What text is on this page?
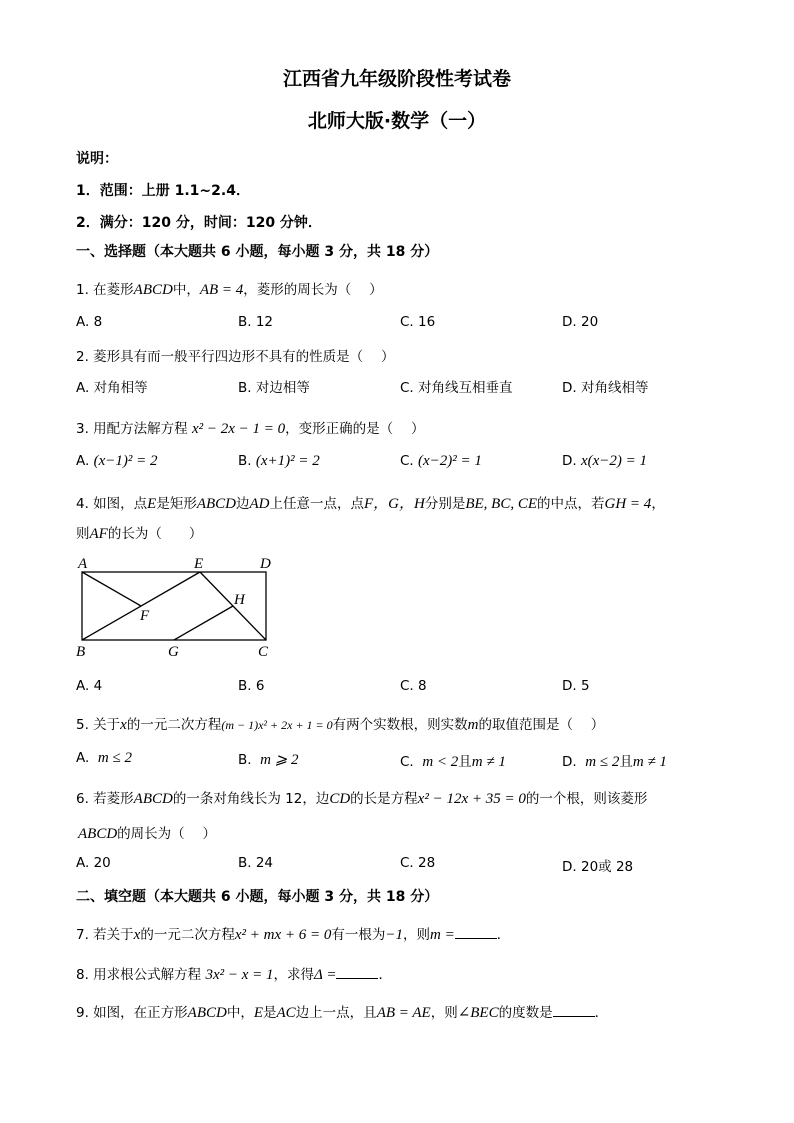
江西省九年级阶段性考试卷
北师大版·数学（一）
说明：
1．范围：上册 1.1~2.4．
2．满分：120 分，时间：120 分钟．
一、选择题（本大题共 6 小题，每小题 3 分，共 18 分）
1. 在菱形ABCD中，AB = 4，菱形的周长为（　 ）
A. 8	B. 12	C. 16	D. 20
2. 菱形具有而一般平行四边形不具有的性质是（　 ）
A. 对角相等	B. 对边相等	C. 对角线互相垂直	D. 对角线相等
3. 用配方法解方程 x² − 2x − 1 = 0，变形正确的是（　 ）
A. (x−1)² = 2	B. (x+1)² = 2	C. (x−2)² = 1	D. x(x−2) = 1
4. 如图，点E是矩形ABCD边AD上任意一点，点F，G，H分别是BE, BC, CE的中点，若GH = 4，
则AF的长为（　　）
A	E	D
F
H
B	G	C
A. 4	B. 6	C. 8	D. 5
5. 关于x的一元二次方程(m − 1)x² + 2x + 1 = 0有两个实数根，则实数m的取值范围是（　 ）
A. m ≤ 2	B. m ⩾ 2	C. m < 2且m ≠ 1	D. m ≤ 2且m ≠ 1
6. 若菱形ABCD的一条对角线长为 12，边CD的长是方程x² − 12x + 35 = 0的一个根，则该菱形
ABCD的周长为（　 ）
A. 20	B. 24	C. 28	D. 20或 28
二、填空题（本大题共 6 小题，每小题 3 分，共 18 分）
7. 若关于x的一元二次方程x² + mx + 6 = 0有一根为−1，则m =	．
8. 用求根公式解方程 3x² − x = 1，求得Δ =	．
9. 如图，在正方形ABCD中，E是AC边上一点，且AB = AE，则∠BEC的度数是	．
